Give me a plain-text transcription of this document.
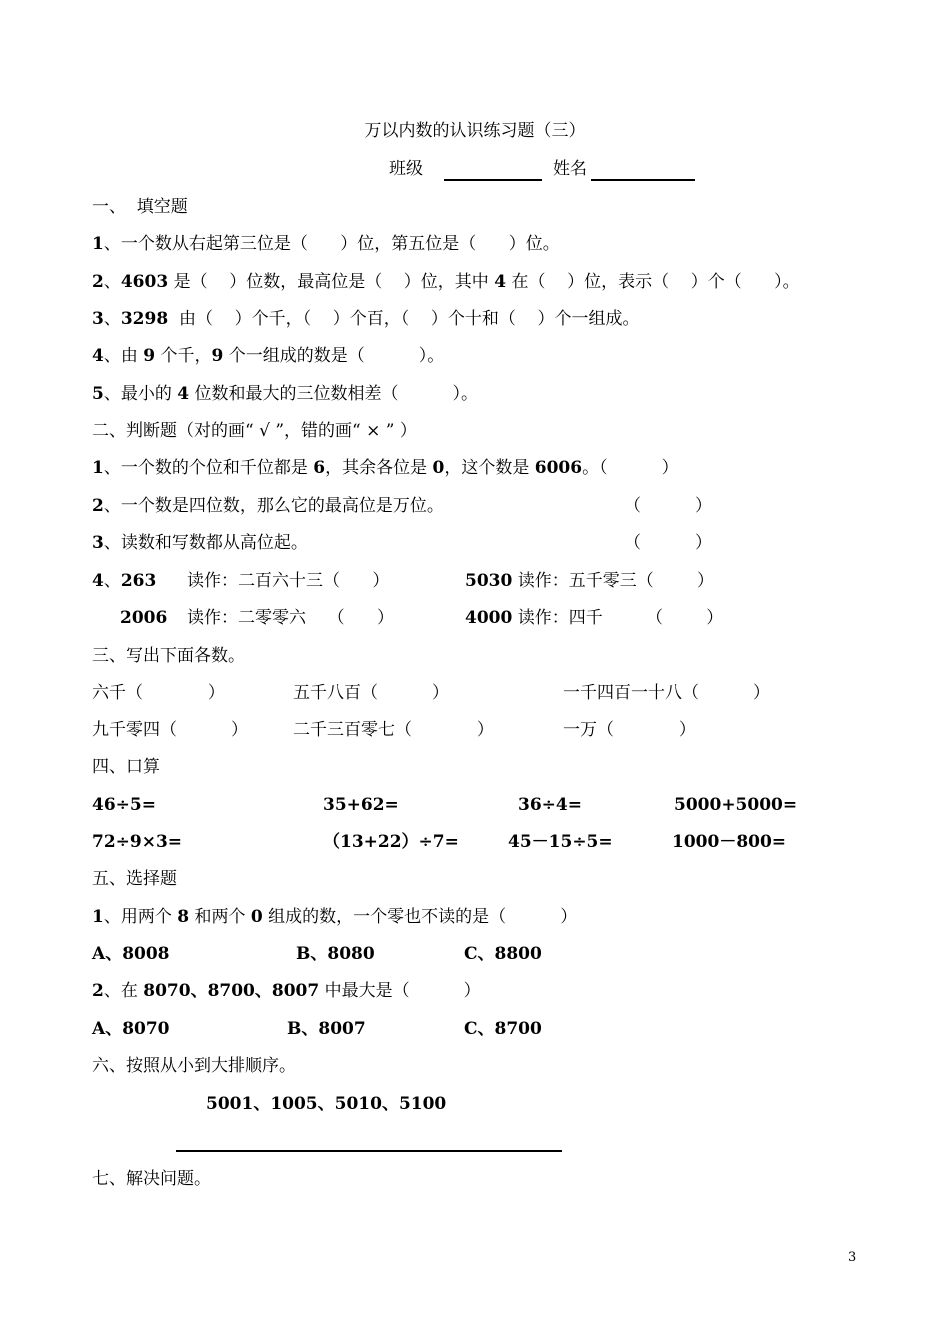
万以内数的认识练习题（三）
班级	姓名
一、  填空题
1、一个数从右起第三位是（      ）位，第五位是（      ）位。
2、4603 是（    ）位数，最高位是（    ）位，其中 4 在（    ）位，表示（    ）个（      ）。
3、3298  由（    ）个千，（    ）个百，（    ）个十和（    ）个一组成。
4、由 9 个千，9 个一组成的数是（          ）。
5、最小的 4 位数和最大的三位数相差（          ）。
二、判断题（对的画“ √ ”，错的画“ × ” ）
1、一个数的个位和千位都是 6，其余各位是 0，这个数是 6006。（          ）
2、一个数是四位数，那么它的最高位是万位。	（          ）
3、读数和写数都从高位起。	（          ）
4、263 读作：二百六十三（      ）	5030 读作：五千零三（        ）
2006 读作：二零零六    （      ）	4000 读作：四千        （        ）
三、写出下面各数。
六千（            ）	五千八百（          ）	一千四百一十八（          ）
九千零四（          ）	二千三百零七（            ）	一万（            ）
四、口算
46÷5=	35+62=	36÷4=	5000+5000=
72÷9×3=	（13+22）÷7=	45－15÷5=	1000－800=
五、选择题
1、用两个 8 和两个 0 组成的数，一个零也不读的是（          ）
A、8008	B、8080	C、8800
2、在 8070、8700、8007 中最大是（          ）
A、8070	B、8007	C、8700
六、按照从小到大排顺序。
5001、1005、5010、5100
七、解决问题。
3
